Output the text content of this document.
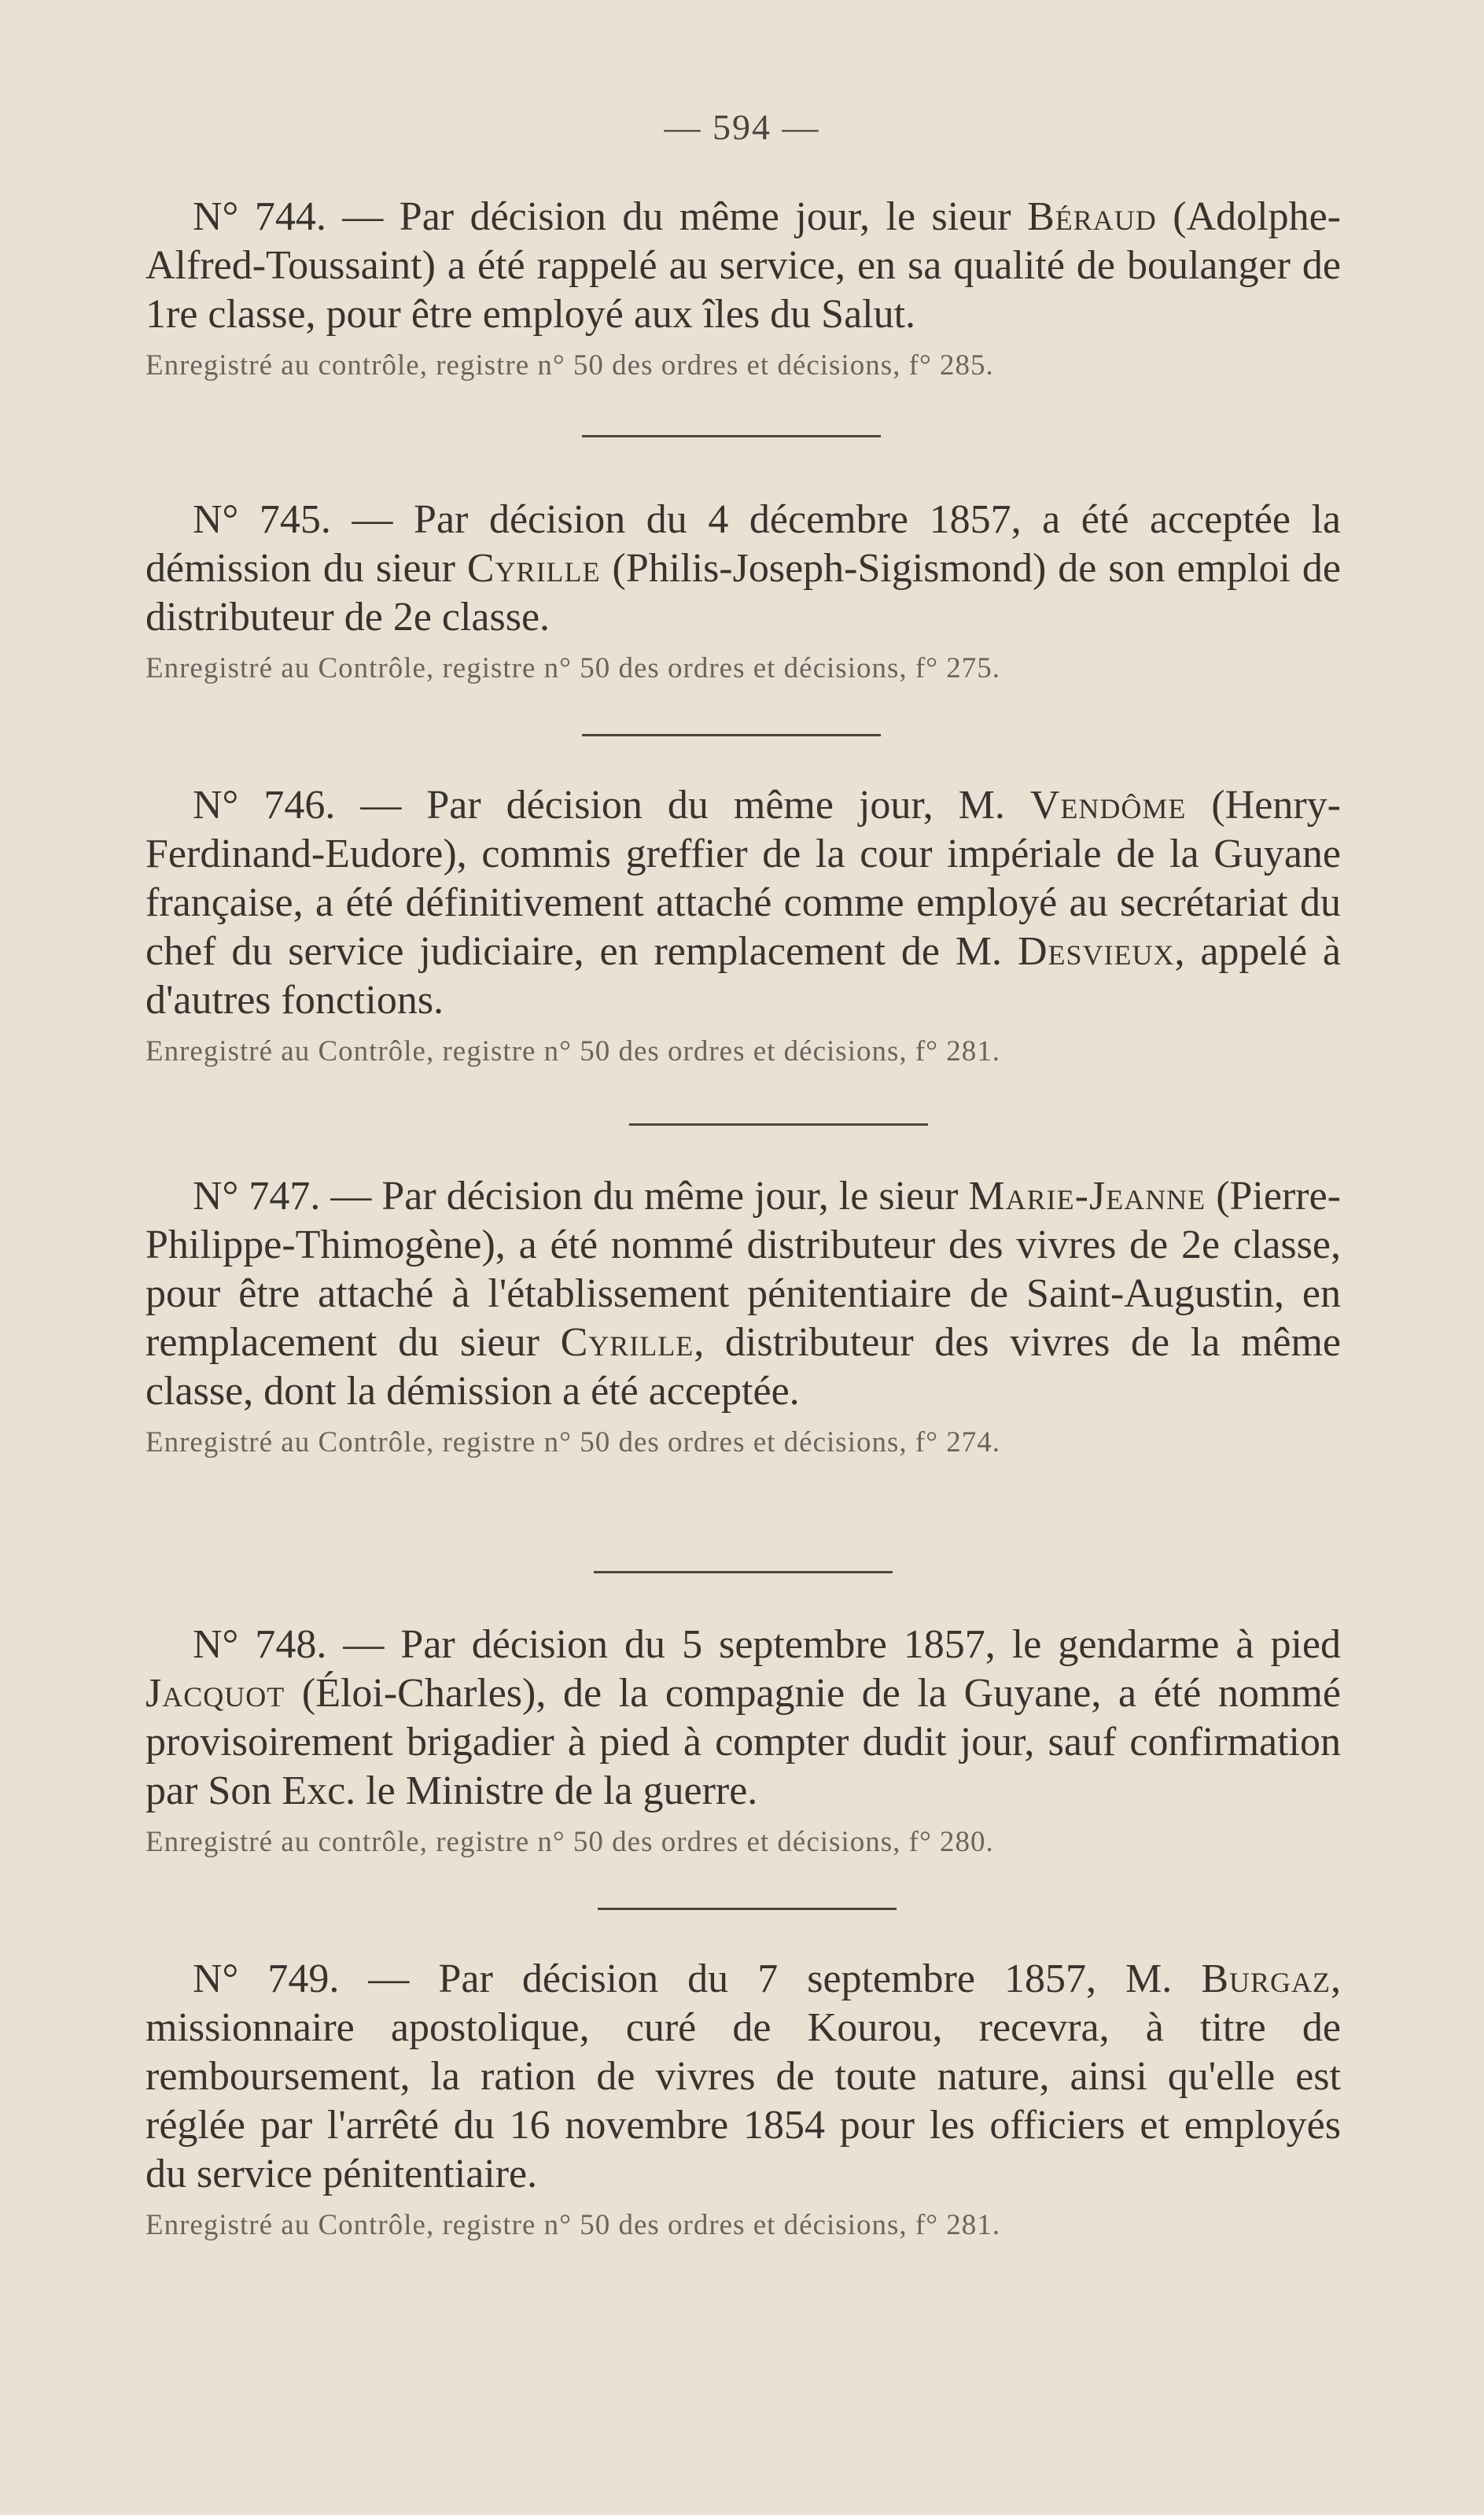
— 594 —

N° 744. — Par décision du même jour, le sieur Béraud (Adolphe-Alfred-Toussaint) a été rappelé au service, en sa qualité de boulanger de 1re classe, pour être employé aux îles du Salut.

Enregistré au contrôle, registre n° 50 des ordres et décisions, f° 285.

N° 745. — Par décision du 4 décembre 1857, a été acceptée la démission du sieur Cyrille (Philis-Joseph-Sigismond) de son emploi de distributeur de 2e classe.

Enregistré au Contrôle, registre n° 50 des ordres et décisions, f° 275.

N° 746. — Par décision du même jour, M. Vendôme (Henry-Ferdinand-Eudore), commis greffier de la cour impériale de la Guyane française, a été définitivement attaché comme employé au secrétariat du chef du service judiciaire, en remplacement de M. Desvieux, appelé à d'autres fonctions.

Enregistré au Contrôle, registre n° 50 des ordres et décisions, f° 281.

N° 747. — Par décision du même jour, le sieur Marie-Jeanne (Pierre-Philippe-Thimogène), a été nommé distributeur des vivres de 2e classe, pour être attaché à l'établissement pénitentiaire de Saint-Augustin, en remplacement du sieur Cyrille, distributeur des vivres de la même classe, dont la démission a été acceptée.

Enregistré au Contrôle, registre n° 50 des ordres et décisions, f° 274.

N° 748. — Par décision du 5 septembre 1857, le gendarme à pied Jacquot (Éloi-Charles), de la compagnie de la Guyane, a été nommé provisoirement brigadier à pied à compter dudit jour, sauf confirmation par Son Exc. le Ministre de la guerre.

Enregistré au contrôle, registre n° 50 des ordres et décisions, f° 280.

N° 749. — Par décision du 7 septembre 1857, M. Burgaz, missionnaire apostolique, curé de Kourou, recevra, à titre de remboursement, la ration de vivres de toute nature, ainsi qu'elle est réglée par l'arrêté du 16 novembre 1854 pour les officiers et employés du service pénitentiaire.

Enregistré au Contrôle, registre n° 50 des ordres et décisions, f° 281.
